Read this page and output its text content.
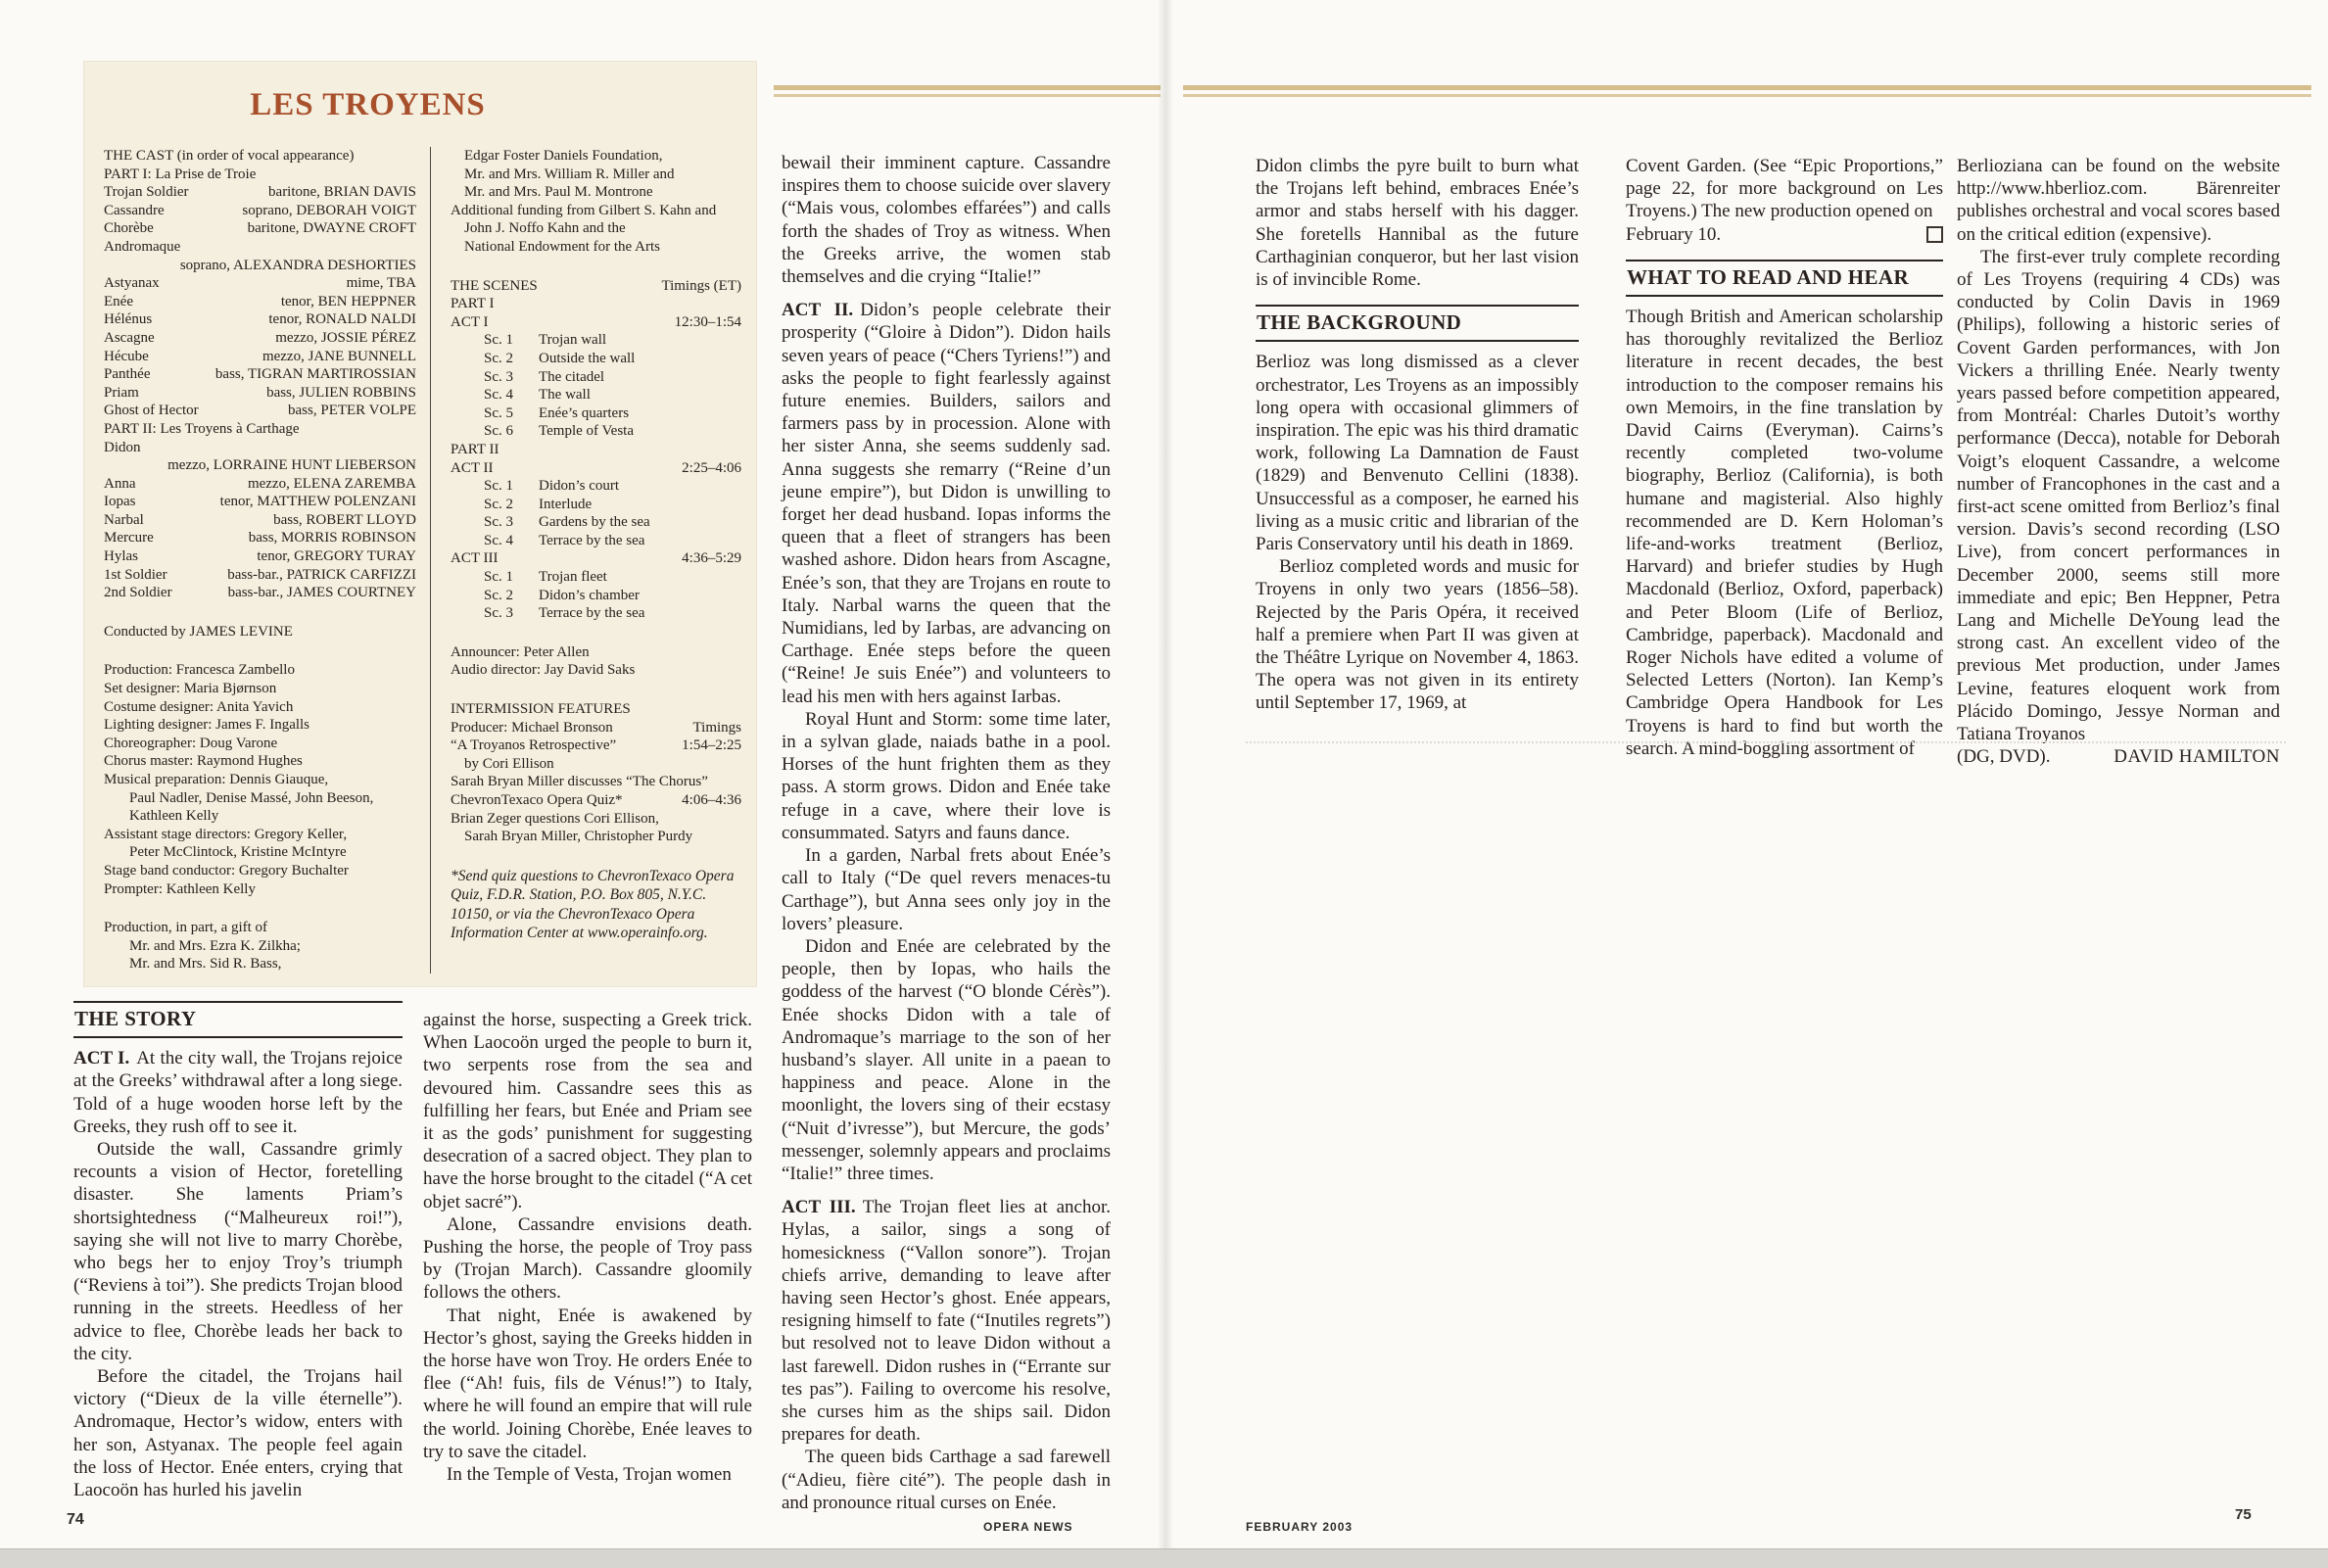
LES TROYENS
THE CAST (in order of vocal appearance)
PART I: La Prise de Troie
Trojan Soldier	baritone, BRIAN DAVIS
Cassandre	soprano, DEBORAH VOIGT
Chorèbe	baritone, DWAYNE CROFT
Andromaque
soprano, ALEXANDRA DESHORTIES
Astyanax	mime, TBA
Enée	tenor, BEN HEPPNER
Hélénus	tenor, RONALD NALDI
Ascagne	mezzo, JOSSIE PÉREZ
Hécube	mezzo, JANE BUNNELL
Panthée	bass, TIGRAN MARTIROSSIAN
Priam	bass, JULIEN ROBBINS
Ghost of Hector	bass, PETER VOLPE
PART II: Les Troyens à Carthage
Didon
mezzo, LORRAINE HUNT LIEBERSON
Anna	mezzo, ELENA ZAREMBA
Iopas	tenor, MATTHEW POLENZANI
Narbal	bass, ROBERT LLOYD
Mercure	bass, MORRIS ROBINSON
Hylas	tenor, GREGORY TURAY
1st Soldier	bass-bar., PATRICK CARFIZZI
2nd Soldier	bass-bar., JAMES COURTNEY
Conducted by JAMES LEVINE
Production: Francesca Zambello
Set designer: Maria Bjørnson
Costume designer: Anita Yavich
Lighting designer: James F. Ingalls
Choreographer: Doug Varone
Chorus master: Raymond Hughes
Musical preparation: Dennis Giauque,
Paul Nadler, Denise Massé, John Beeson,
Kathleen Kelly
Assistant stage directors: Gregory Keller,
Peter McClintock, Kristine McIntyre
Stage band conductor: Gregory Buchalter
Prompter: Kathleen Kelly
Production, in part, a gift of
Mr. and Mrs. Ezra K. Zilkha;
Mr. and Mrs. Sid R. Bass,
Edgar Foster Daniels Foundation,
Mr. and Mrs. William R. Miller and
Mr. and Mrs. Paul M. Montrone
Additional funding from Gilbert S. Kahn and
John J. Noffo Kahn and the
National Endowment for the Arts
THE SCENES	Timings (ET)
PART I
ACT I	12:30–1:54
Sc. 1	Trojan wall
Sc. 2	Outside the wall
Sc. 3	The citadel
Sc. 4	The wall
Sc. 5	Enée’s quarters
Sc. 6	Temple of Vesta
PART II
ACT II	2:25–4:06
Sc. 1	Didon’s court
Sc. 2	Interlude
Sc. 3	Gardens by the sea
Sc. 4	Terrace by the sea
ACT III	4:36–5:29
Sc. 1	Trojan fleet
Sc. 2	Didon’s chamber
Sc. 3	Terrace by the sea
Announcer: Peter Allen
Audio director: Jay David Saks
INTERMISSION FEATURES
Producer: Michael Bronson	Timings
“A Troyanos Retrospective”	1:54–2:25
by Cori Ellison
Sarah Bryan Miller discusses “The Chorus”
ChevronTexaco Opera Quiz*	4:06–4:36
Brian Zeger questions Cori Ellison,
Sarah Bryan Miller, Christopher Purdy

*Send quiz questions to ChevronTexaco Opera Quiz, F.D.R. Station, P.O. Box 805, N.Y.C. 10150, or via the ChevronTexaco Opera Information Center at www.operainfo.org.

THE STORY

ACT I. At the city wall, the Trojans rejoice at the Greeks’ withdrawal after a long siege. Told of a huge wooden horse left by the Greeks, they rush off to see it.

Outside the wall, Cassandre grimly recounts a vision of Hector, foretelling disaster. She laments Priam’s shortsightedness (“Malheureux roi!”), saying she will not live to marry Chorèbe, who begs her to enjoy Troy’s triumph (“Reviens à toi”). She predicts Trojan blood running in the streets. Heedless of her advice to flee, Chorèbe leads her back to the city.

Before the citadel, the Trojans hail victory (“Dieux de la ville éternelle”). Andromaque, Hector’s widow, enters with her son, Astyanax. The people feel again the loss of Hector. Enée enters, crying that Laocoön has hurled his javelin

against the horse, suspecting a Greek trick. When Laocoön urged the people to burn it, two serpents rose from the sea and devoured him. Cassandre sees this as fulfilling her fears, but Enée and Priam see it as the gods’ punishment for suggesting desecration of a sacred object. They plan to have the horse brought to the citadel (“A cet objet sacré”).

Alone, Cassandre envisions death. Pushing the horse, the people of Troy pass by (Trojan March). Cassandre gloomily follows the others.

That night, Enée is awakened by Hector’s ghost, saying the Greeks hidden in the horse have won Troy. He orders Enée to flee (“Ah! fuis, fils de Vénus!”) to Italy, where he will found an empire that will rule the world. Joining Chorèbe, Enée leaves to try to save the citadel.

In the Temple of Vesta, Trojan women

bewail their imminent capture. Cassandre inspires them to choose suicide over slavery (“Mais vous, colombes effarées”) and calls forth the shades of Troy as witness. When the Greeks arrive, the women stab themselves and die crying “Italie!”

ACT II. Didon’s people celebrate their prosperity (“Gloire à Didon”). Didon hails seven years of peace (“Chers Tyriens!”) and asks the people to fight fearlessly against future enemies. Builders, sailors and farmers pass by in procession. Alone with her sister Anna, she seems suddenly sad. Anna suggests she remarry (“Reine d’un jeune empire”), but Didon is unwilling to forget her dead husband. Iopas informs the queen that a fleet of strangers has been washed ashore. Didon hears from Ascagne, Enée’s son, that they are Trojans en route to Italy. Narbal warns the queen that the Numidians, led by Iarbas, are advancing on Carthage. Enée steps before the queen (“Reine! Je suis Enée”) and volunteers to lead his men with hers against Iarbas.

Royal Hunt and Storm: some time later, in a sylvan glade, naiads bathe in a pool. Horses of the hunt frighten them as they pass. A storm grows. Didon and Enée take refuge in a cave, where their love is consummated. Satyrs and fauns dance.

In a garden, Narbal frets about Enée’s call to Italy (“De quel revers menaces-tu Carthage”), but Anna sees only joy in the lovers’ pleasure.

Didon and Enée are celebrated by the people, then by Iopas, who hails the goddess of the harvest (“O blonde Cérès”). Enée shocks Didon with a tale of Andromaque’s marriage to the son of her husband’s slayer. All unite in a paean to happiness and peace. Alone in the moonlight, the lovers sing of their ecstasy (“Nuit d’ivresse”), but Mercure, the gods’ messenger, solemnly appears and proclaims “Italie!” three times.

ACT III. The Trojan fleet lies at anchor. Hylas, a sailor, sings a song of homesickness (“Vallon sonore”). Trojan chiefs arrive, demanding to leave after having seen Hector’s ghost. Enée appears, resigning himself to fate (“Inutiles regrets”) but resolved not to leave Didon without a last farewell. Didon rushes in (“Errante sur tes pas”). Failing to overcome his resolve, she curses him as the ships sail. Didon prepares for death.

The queen bids Carthage a sad farewell (“Adieu, fière cité”). The people dash in and pronounce ritual curses on Enée.

Didon climbs the pyre built to burn what the Trojans left behind, embraces Enée’s armor and stabs herself with his dagger. She foretells Hannibal as the future Carthaginian conqueror, but her last vision is of invincible Rome.

THE BACKGROUND

Berlioz was long dismissed as a clever orchestrator, Les Troyens as an impossibly long opera with occasional glimmers of inspiration. The epic was his third dramatic work, following La Damnation de Faust (1829) and Benvenuto Cellini (1838). Unsuccessful as a composer, he earned his living as a music critic and librarian of the Paris Conservatory until his death in 1869.

Berlioz completed words and music for Troyens in only two years (1856–58). Rejected by the Paris Opéra, it received half a premiere when Part II was given at the Théâtre Lyrique on November 4, 1863. The opera was not given in its entirety until September 17, 1969, at

Covent Garden. (See “Epic Proportions,” page 22, for more background on Les Troyens.) The new production opened on

February 10.
WHAT TO READ AND HEAR

Though British and American scholarship has thoroughly revitalized the Berlioz literature in recent decades, the best introduction to the composer remains his own Memoirs, in the fine translation by David Cairns (Everyman). Cairns’s recently completed two-volume biography, Berlioz (California), is both humane and magisterial. Also highly recommended are D. Kern Holoman’s life-and-works treatment (Berlioz, Harvard) and briefer studies by Hugh Macdonald (Berlioz, Oxford, paperback) and Peter Bloom (Life of Berlioz, Cambridge, paperback). Macdonald and Roger Nichols have edited a volume of Selected Letters (Norton). Ian Kemp’s Cambridge Opera Handbook for Les Troyens is hard to find but worth the search. A mind-boggling assortment of

Berlioziana can be found on the website http://www.hberlioz.com. Bärenreiter publishes orchestral and vocal scores based on the critical edition (expensive).

The first-ever truly complete recording of Les Troyens (requiring 4 CDs) was conducted by Colin Davis in 1969 (Philips), following a historic series of Covent Garden performances, with Jon Vickers a thrilling Enée. Nearly twenty years passed before competition appeared, from Montréal: Charles Dutoit’s worthy performance (Decca), notable for Deborah Voigt’s eloquent Cassandre, a welcome number of Francophones in the cast and a first-act scene omitted from Berlioz’s final version. Davis’s second recording (LSO Live), from concert performances in December 2000, seems still more immediate and epic; Ben Heppner, Petra Lang and Michelle DeYoung lead the strong cast. An excellent video of the previous Met production, under James Levine, features eloquent work from Plácido Domingo, Jessye Norman and Tatiana Troyanos

(DG, DVD).	DAVID HAMILTON
74	OPERA NEWS	FEBRUARY 2003
75
